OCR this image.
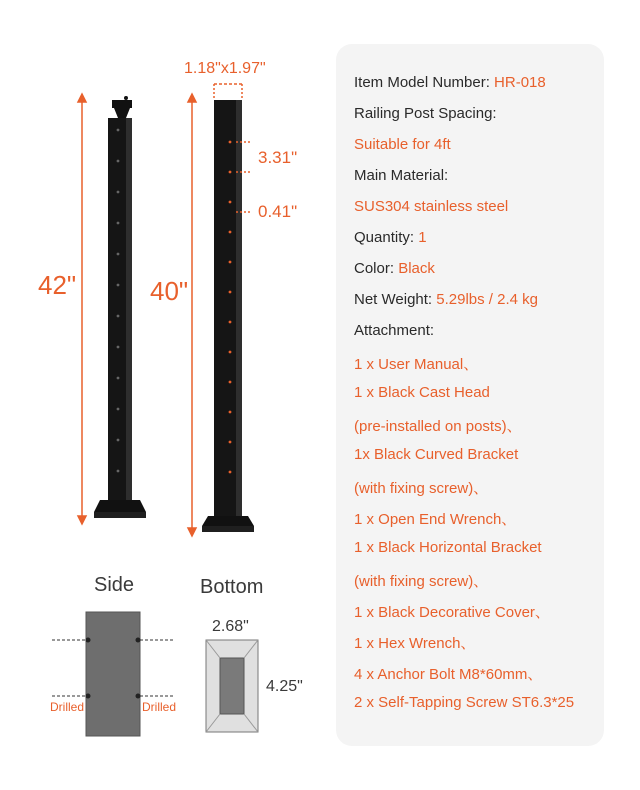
42"	40"
1.18"x1.97"
3.31"
0.41"
Side	Bottom
Drilled	Drilled
2.68"
4.25"
Item Model Number: HR-018
Railing Post Spacing:
Suitable for 4ft
Main Material:
SUS304 stainless steel
Quantity: 1
Color: Black
Net Weight: 5.29lbs / 2.4 kg
Attachment:
1 x User Manual、
1 x Black Cast Head
(pre-installed on posts)、
1x Black Curved Bracket
(with fixing screw)、
1 x Open End Wrench、
1 x Black Horizontal Bracket
(with fixing screw)、
1 x Black Decorative Cover、
1 x Hex Wrench、
4 x Anchor Bolt M8*60mm、
2 x Self-Tapping Screw ST6.3*25
